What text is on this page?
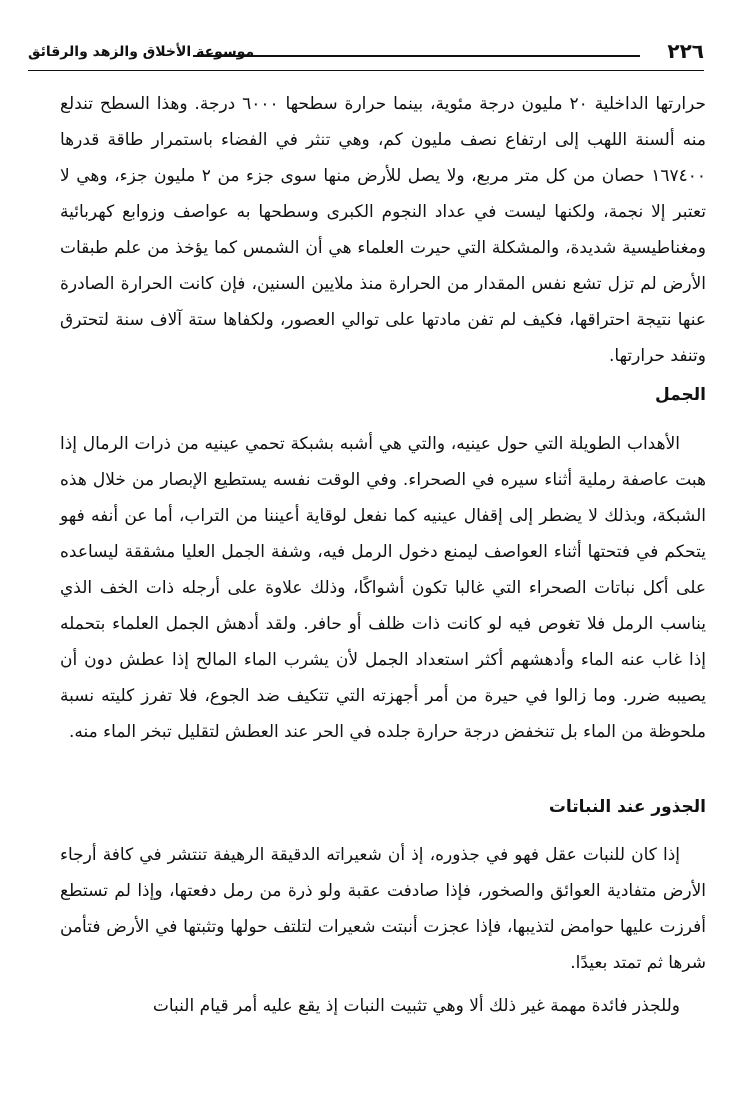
٢٢٦
موسوعة الأخلاق والزهد والرقائق

حرارتها الداخلية ٢٠ مليون درجة مئوية، بينما حرارة سطحها ٦٠٠٠ درجة. وهذا السطح تندلع منه ألسنة اللهب إلى ارتفاع نصف مليون كم، وهي تنثر في الفضاء باستمرار طاقة قدرها ١٦٧٤٠٠ حصان من كل متر مربع، ولا يصل للأرض منها سوى جزء من ٢ مليون جزء، وهي لا تعتبر إلا نجمة، ولكنها ليست في عداد النجوم الكبرى وسطحها به عواصف وزوابع كهربائية ومغناطيسية شديدة، والمشكلة التي حيرت العلماء هي أن الشمس كما يؤخذ من علم طبقات الأرض لم تزل تشع نفس المقدار من الحرارة منذ ملايين السنين، فإن كانت الحرارة الصادرة عنها نتيجة احتراقها، فكيف لم تفن مادتها على توالي العصور، ولكفاها ستة آلاف سنة لتحترق وتنفد حرارتها.

الجمل

الأهداب الطويلة التي حول عينيه، والتي هي أشبه بشبكة تحمي عينيه من ذرات الرمال إذا هبت عاصفة رملية أثناء سيره في الصحراء. وفي الوقت نفسه يستطيع الإبصار من خلال هذه الشبكة، وبذلك لا يضطر إلى إقفال عينيه كما نفعل لوقاية أعيننا من التراب، أما عن أنفه فهو يتحكم في فتحتها أثناء العواصف ليمنع دخول الرمل فيه، وشفة الجمل العليا مشققة ليساعده على أكل نباتات الصحراء التي غالبا تكون أشواكًا، وذلك علاوة على أرجله ذات الخف الذي يناسب الرمل فلا تغوص فيه لو كانت ذات ظلف أو حافر. ولقد أدهش الجمل العلماء بتحمله إذا غاب عنه الماء وأدهشهم أكثر استعداد الجمل لأن يشرب الماء المالح إذا عطش دون أن يصيبه ضرر. وما زالوا في حيرة من أمر أجهزته التي تتكيف ضد الجوع، فلا تفرز كليته نسبة ملحوظة من الماء بل تنخفض درجة حرارة جلده في الحر عند العطش لتقليل تبخر الماء منه.

الجذور عند النباتات

إذا كان للنبات عقل فهو في جذوره، إذ أن شعيراته الدقيقة الرهيفة تنتشر في كافة أرجاء الأرض متفادية العوائق والصخور، فإذا صادفت عقبة ولو ذرة من رمل دفعتها، وإذا لم تستطع أفرزت عليها حوامض لتذيبها، فإذا عجزت أنبتت شعيرات لتلتف حولها وتثبتها في الأرض فتأمن شرها ثم تمتد بعيدًا.

وللجذر فائدة مهمة غير ذلك ألا وهي تثبيت النبات إذ يقع عليه أمر قيام النبات
